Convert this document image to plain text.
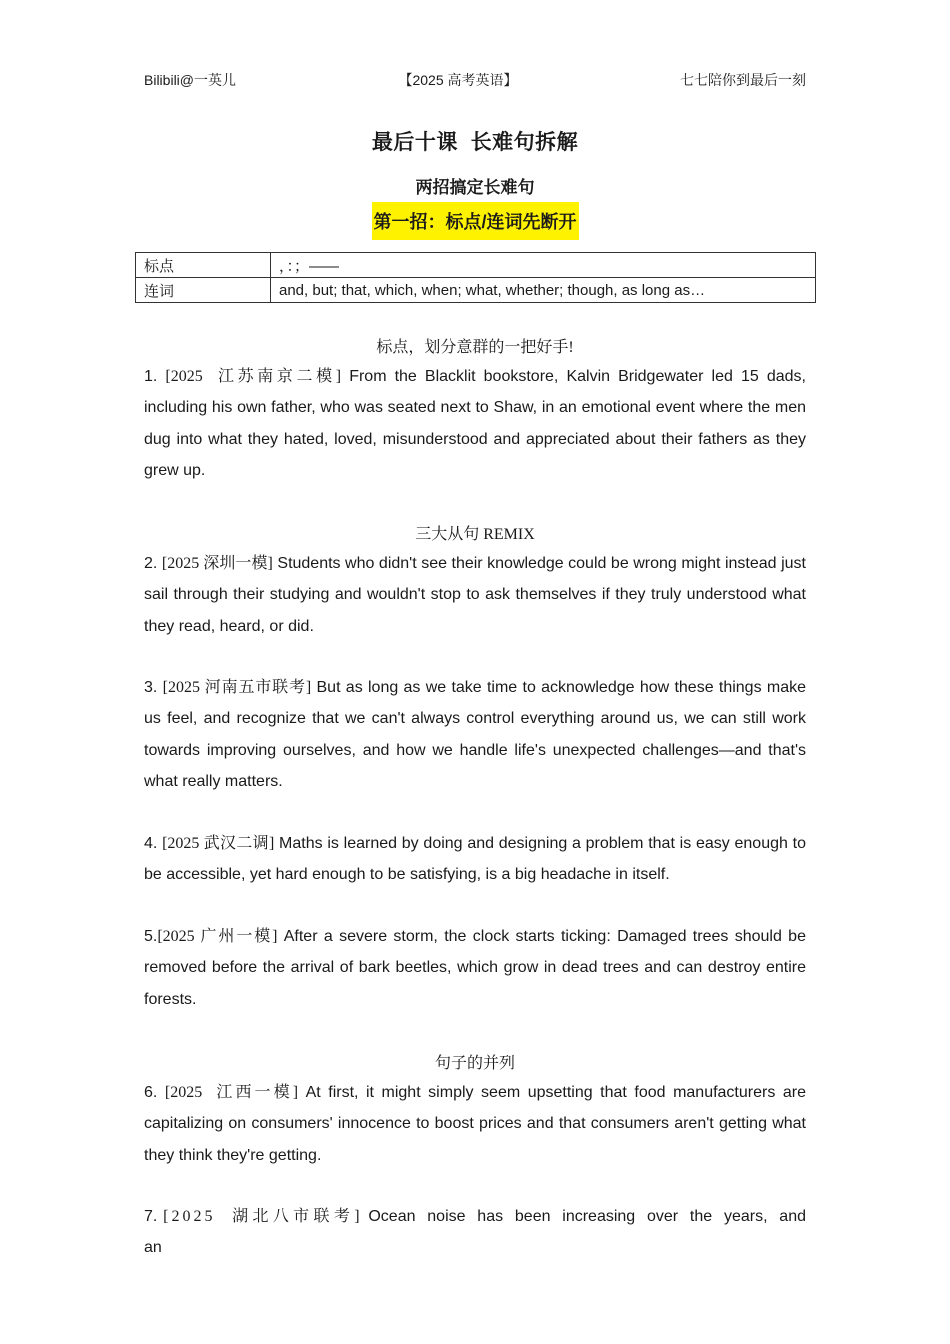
Bilibili@一英儿	【2025 高考英语】	七七陪你到最后一刻
最后十课  长难句拆解
两招搞定长难句
第一招：标点/连词先断开
标点	，：；——
连词	and, but; that, which, when; what, whether; though, as long as…
标点，划分意群的一把好手!

1. [2025  江苏南京二模] From the Blacklit bookstore, Kalvin Bridgewater led 15 dads, including his own father, who was seated next to Shaw, in an emotional event where the men dug into what they hated, loved, misunderstood and appreciated about their fathers as they grew up.

三大从句 REMIX

2. [2025 深圳一模] Students who didn't see their knowledge could be wrong might instead just sail through their studying and wouldn't stop to ask themselves if they truly understood what they read, heard, or did.

3. [2025 河南五市联考] But as long as we take time to acknowledge how these things make us feel, and recognize that we can't always control everything around us, we can still work towards improving ourselves, and how we handle life's unexpected challenges—and that's what really matters.

4. [2025 武汉二调] Maths is learned by doing and designing a problem that is easy enough to be accessible, yet hard enough to be satisfying, is a big headache in itself.

5.[2025 广州一模] After a severe storm, the clock starts ticking: Damaged trees should be removed before the arrival of bark beetles, which grow in dead trees and can destroy entire forests.

句子的并列

6. [2025  江西一模] At first, it might simply seem upsetting that food manufacturers are capitalizing on consumers' innocence to boost prices and that consumers aren't getting what they think they're getting.

7. [2025  湖北八市联考] Ocean noise has been increasing over the years, and an
